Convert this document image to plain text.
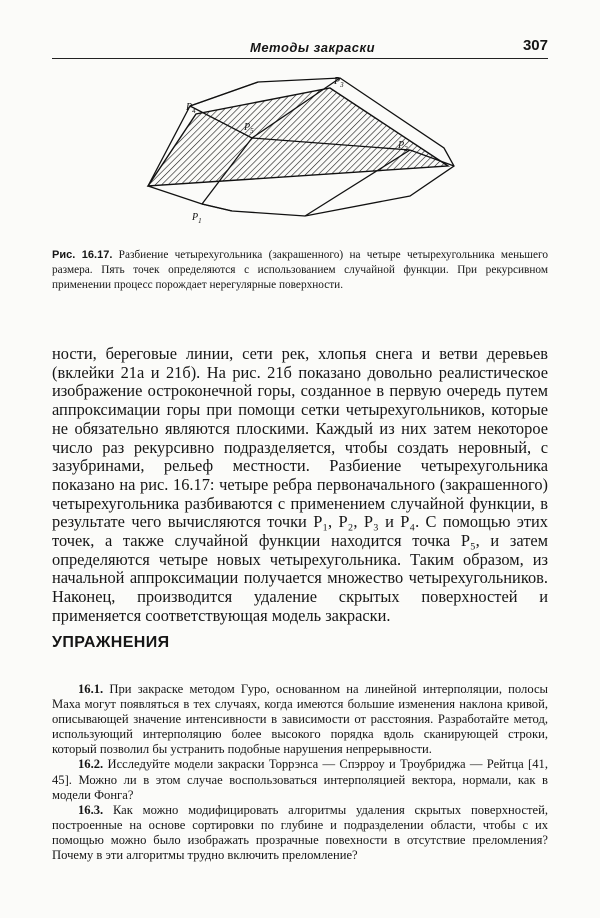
Методы закраски	307
$P_1$
$P_2$
$P_3$
$P_4$
$P_5$
Рис. 16.17. Разбиение четырехугольника (закрашенного) на четыре четырехугольника меньшего размера. Пять точек определяются с использованием случайной функции. При рекурсивном применении процесс порождает нерегулярные поверхности.

ности, береговые линии, сети рек, хлопья снега и ветви деревьев (вклейки 21а и 21б). На рис. 21б показано довольно реалистическое изображение остроконечной горы, созданное в первую очередь путем аппроксимации горы при помощи сетки четырехугольников, которые не обязательно являются плоскими. Каждый из них затем некоторое число раз рекурсивно подразделяется, чтобы создать неровный, с зазубринами, рельеф местности. Разбиение четырехугольника показано на рис. 16.17: четыре ребра первоначального (закрашенного) четырехугольника разбиваются с применением случайной функции, в результате чего вычисляются точки P₁, P₂, P₃ и P₄. С помощью этих точек, а также случайной функции находится точка P₅, и затем определяются четыре новых четырехугольника. Таким образом, из начальной аппроксимации получается множество четырехугольников. Наконец, производится удаление скрытых поверхностей и применяется соответствующая модель закраски.

УПРАЖНЕНИЯ

16.1. При закраске методом Гуро, основанном на линейной интерполяции, полосы Маха могут появляться в тех случаях, когда имеются большие изменения наклона кривой, описывающей значение интенсивности в зависимости от расстояния. Разработайте метод, использующий интерполяцию более высокого порядка вдоль сканирующей строки, который позволил бы устранить подобные нарушения непрерывности.

16.2. Исследуйте модели закраски Торрэнса — Спэрроу и Троубриджа — Рейтца [41, 45]. Можно ли в этом случае воспользоваться интерполяцией вектора, нормали, как в модели Фонга?

16.3. Как можно модифицировать алгоритмы удаления скрытых поверхностей, построенные на основе сортировки по глубине и подразделении области, чтобы с их помощью можно было изображать прозрачные повехности в отсутствие преломления? Почему в эти алгоритмы трудно включить преломление?
